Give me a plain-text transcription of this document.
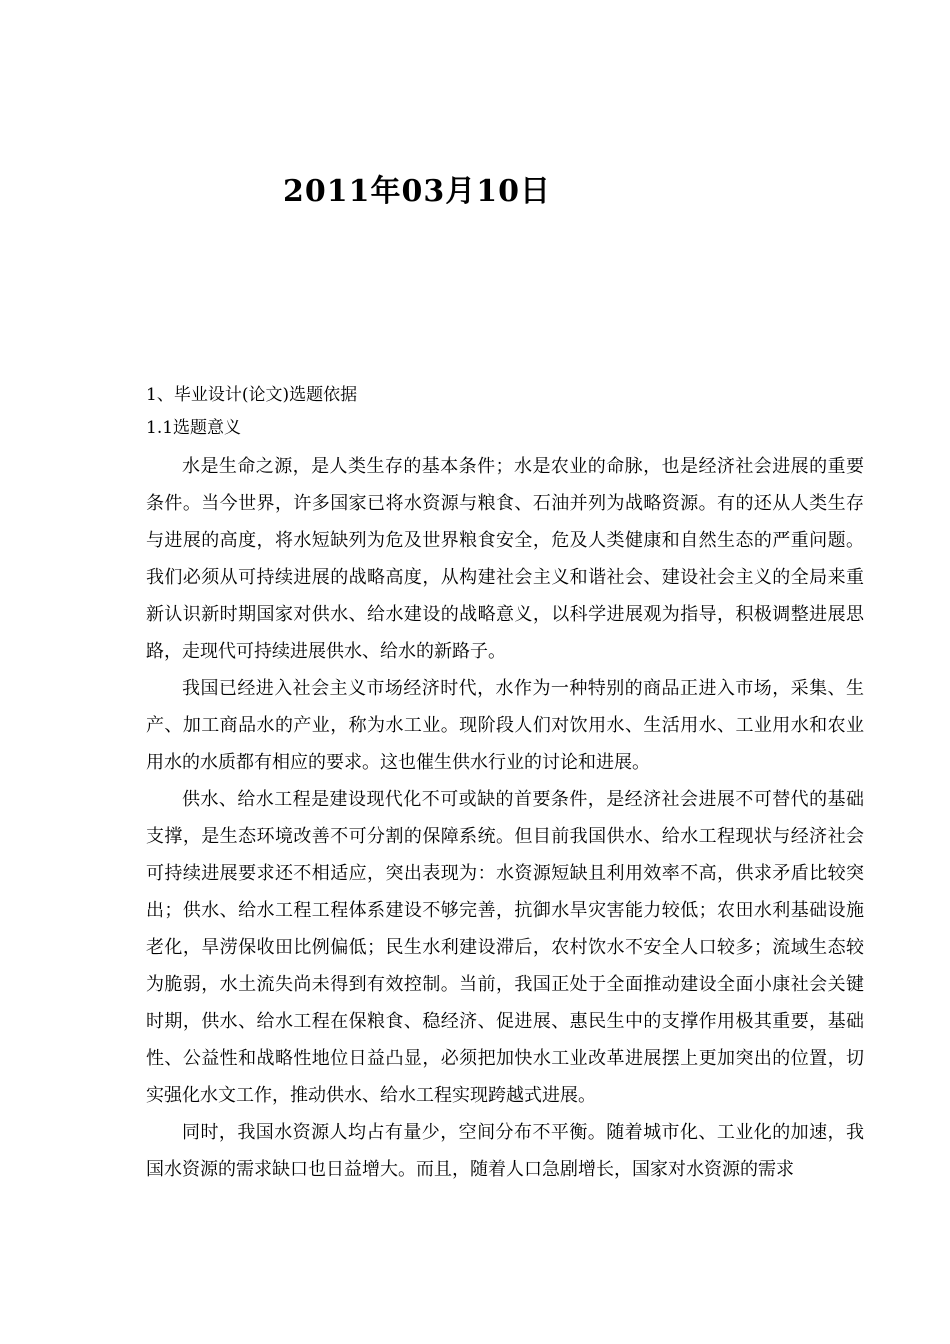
2011年03月10日
1、毕业设计(论文)选题依据
1.1选题意义

水是生命之源，是人类生存的基本条件；水是农业的命脉，也是经济社会进展的重要条件。当今世界，许多国家已将水资源与粮食、石油并列为战略资源。有的还从人类生存与进展的高度，将水短缺列为危及世界粮食安全，危及人类健康和自然生态的严重问题。我们必须从可持续进展的战略高度，从构建社会主义和谐社会、建设社会主义的全局来重新认识新时期国家对供水、给水建设的战略意义，以科学进展观为指导，积极调整进展思路，走现代可持续进展供水、给水的新路子。

我国已经进入社会主义市场经济时代，水作为一种特别的商品正进入市场，采集、生产、加工商品水的产业，称为水工业。现阶段人们对饮用水、生活用水、工业用水和农业用水的水质都有相应的要求。这也催生供水行业的讨论和进展。

供水、给水工程是建设现代化不可或缺的首要条件，是经济社会进展不可替代的基础支撑，是生态环境改善不可分割的保障系统。但目前我国供水、给水工程现状与经济社会可持续进展要求还不相适应，突出表现为：水资源短缺且利用效率不高，供求矛盾比较突出；供水、给水工程工程体系建设不够完善，抗御水旱灾害能力较低；农田水利基础设施老化，旱涝保收田比例偏低；民生水利建设滞后，农村饮水不安全人口较多；流域生态较为脆弱，水土流失尚未得到有效控制。当前，我国正处于全面推动建设全面小康社会关键时期，供水、给水工程在保粮食、稳经济、促进展、惠民生中的支撑作用极其重要，基础性、公益性和战略性地位日益凸显，必须把加快水工业改革进展摆上更加突出的位置，切实强化水文工作，推动供水、给水工程实现跨越式进展。

同时，我国水资源人均占有量少，空间分布不平衡。随着城市化、工业化的加速，我国水资源的需求缺口也日益增大。而且，随着人口急剧增长，国家对水资源的需求
